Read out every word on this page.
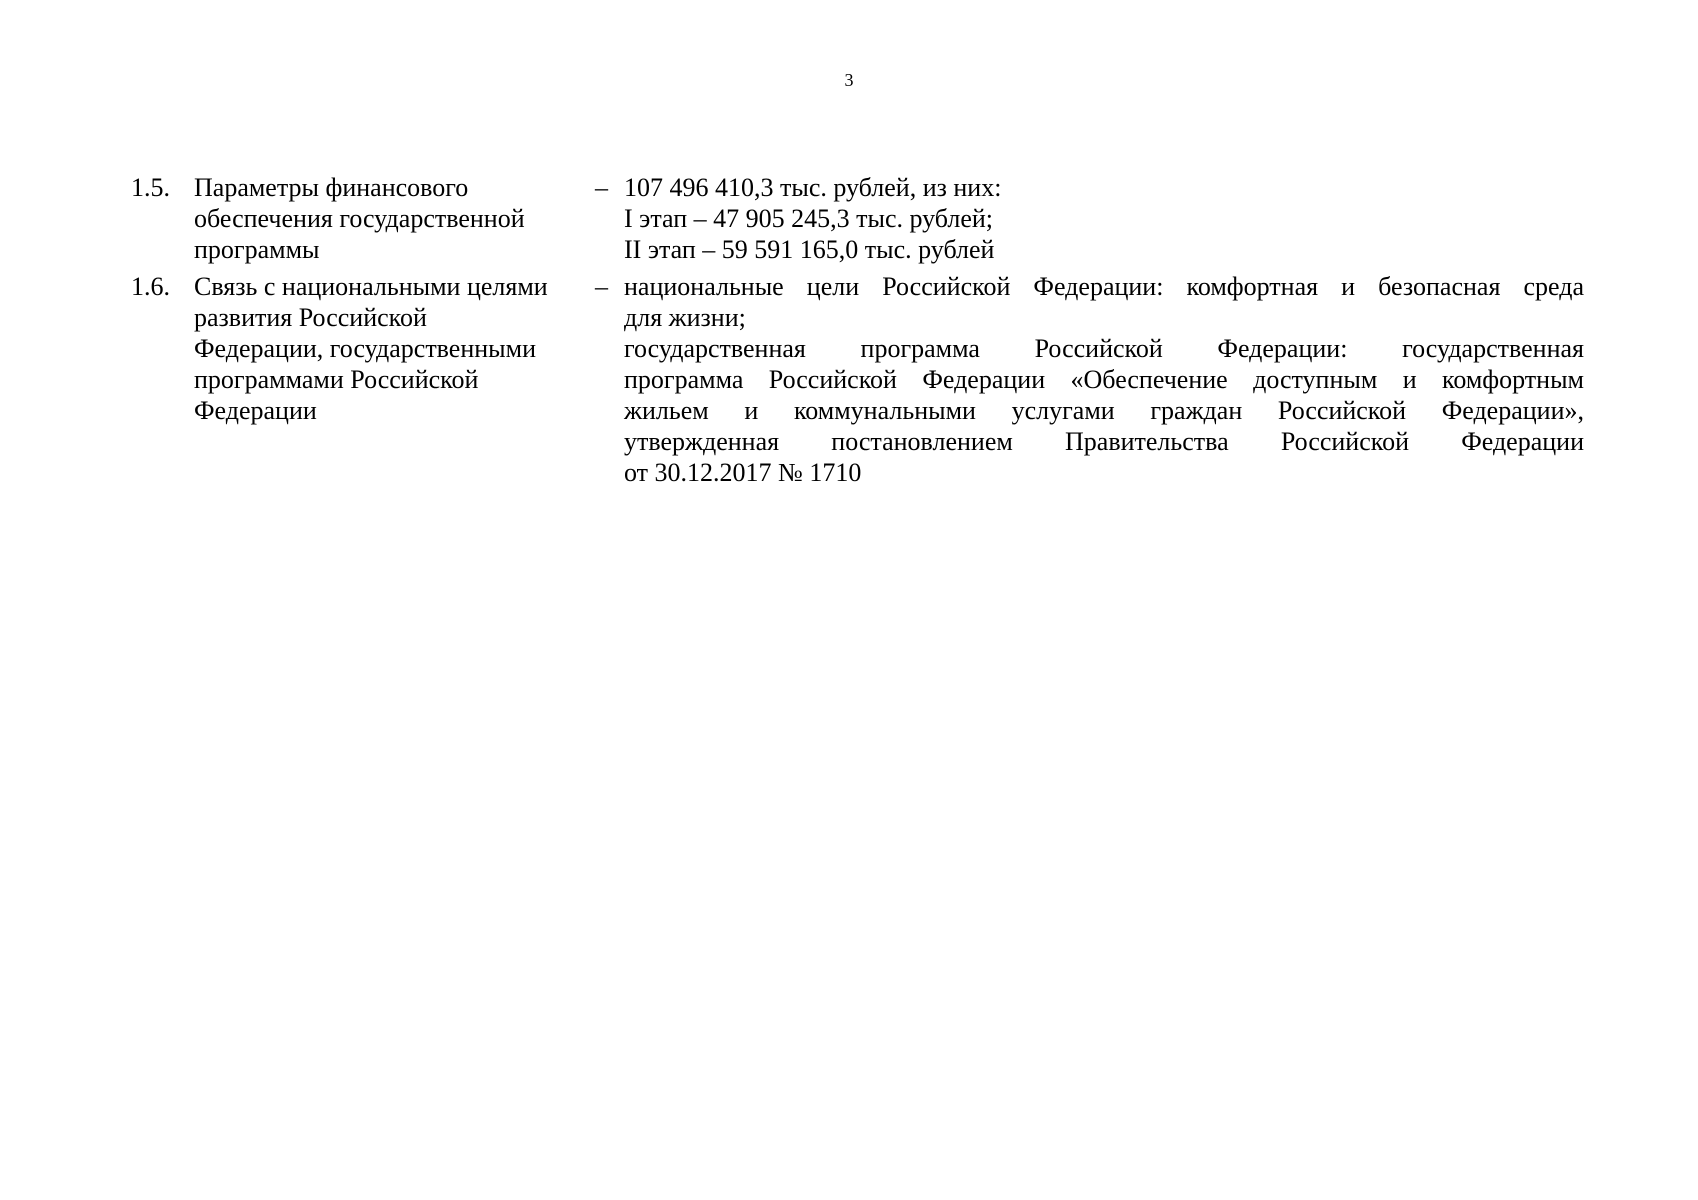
3
1.5. Параметры финансового
обеспечения государственной
программы
– 107 496 410,3 тыс. рублей, из них:
I этап – 47 905 245,3 тыс. рублей;
II этап – 59 591 165,0 тыс. рублей
1.6. Связь с национальными целями
развития Российской
Федерации, государственными
программами Российской
Федерации
– национальные цели Российской Федерации: комфортная и безопасная среда
для жизни;
государственная программа Российской Федерации: государственная
программа Российской Федерации «Обеспечение доступным и комфортным
жильем и коммунальными услугами граждан Российской Федерации»,
утвержденная постановлением Правительства Российской Федерации
от 30.12.2017 № 1710
